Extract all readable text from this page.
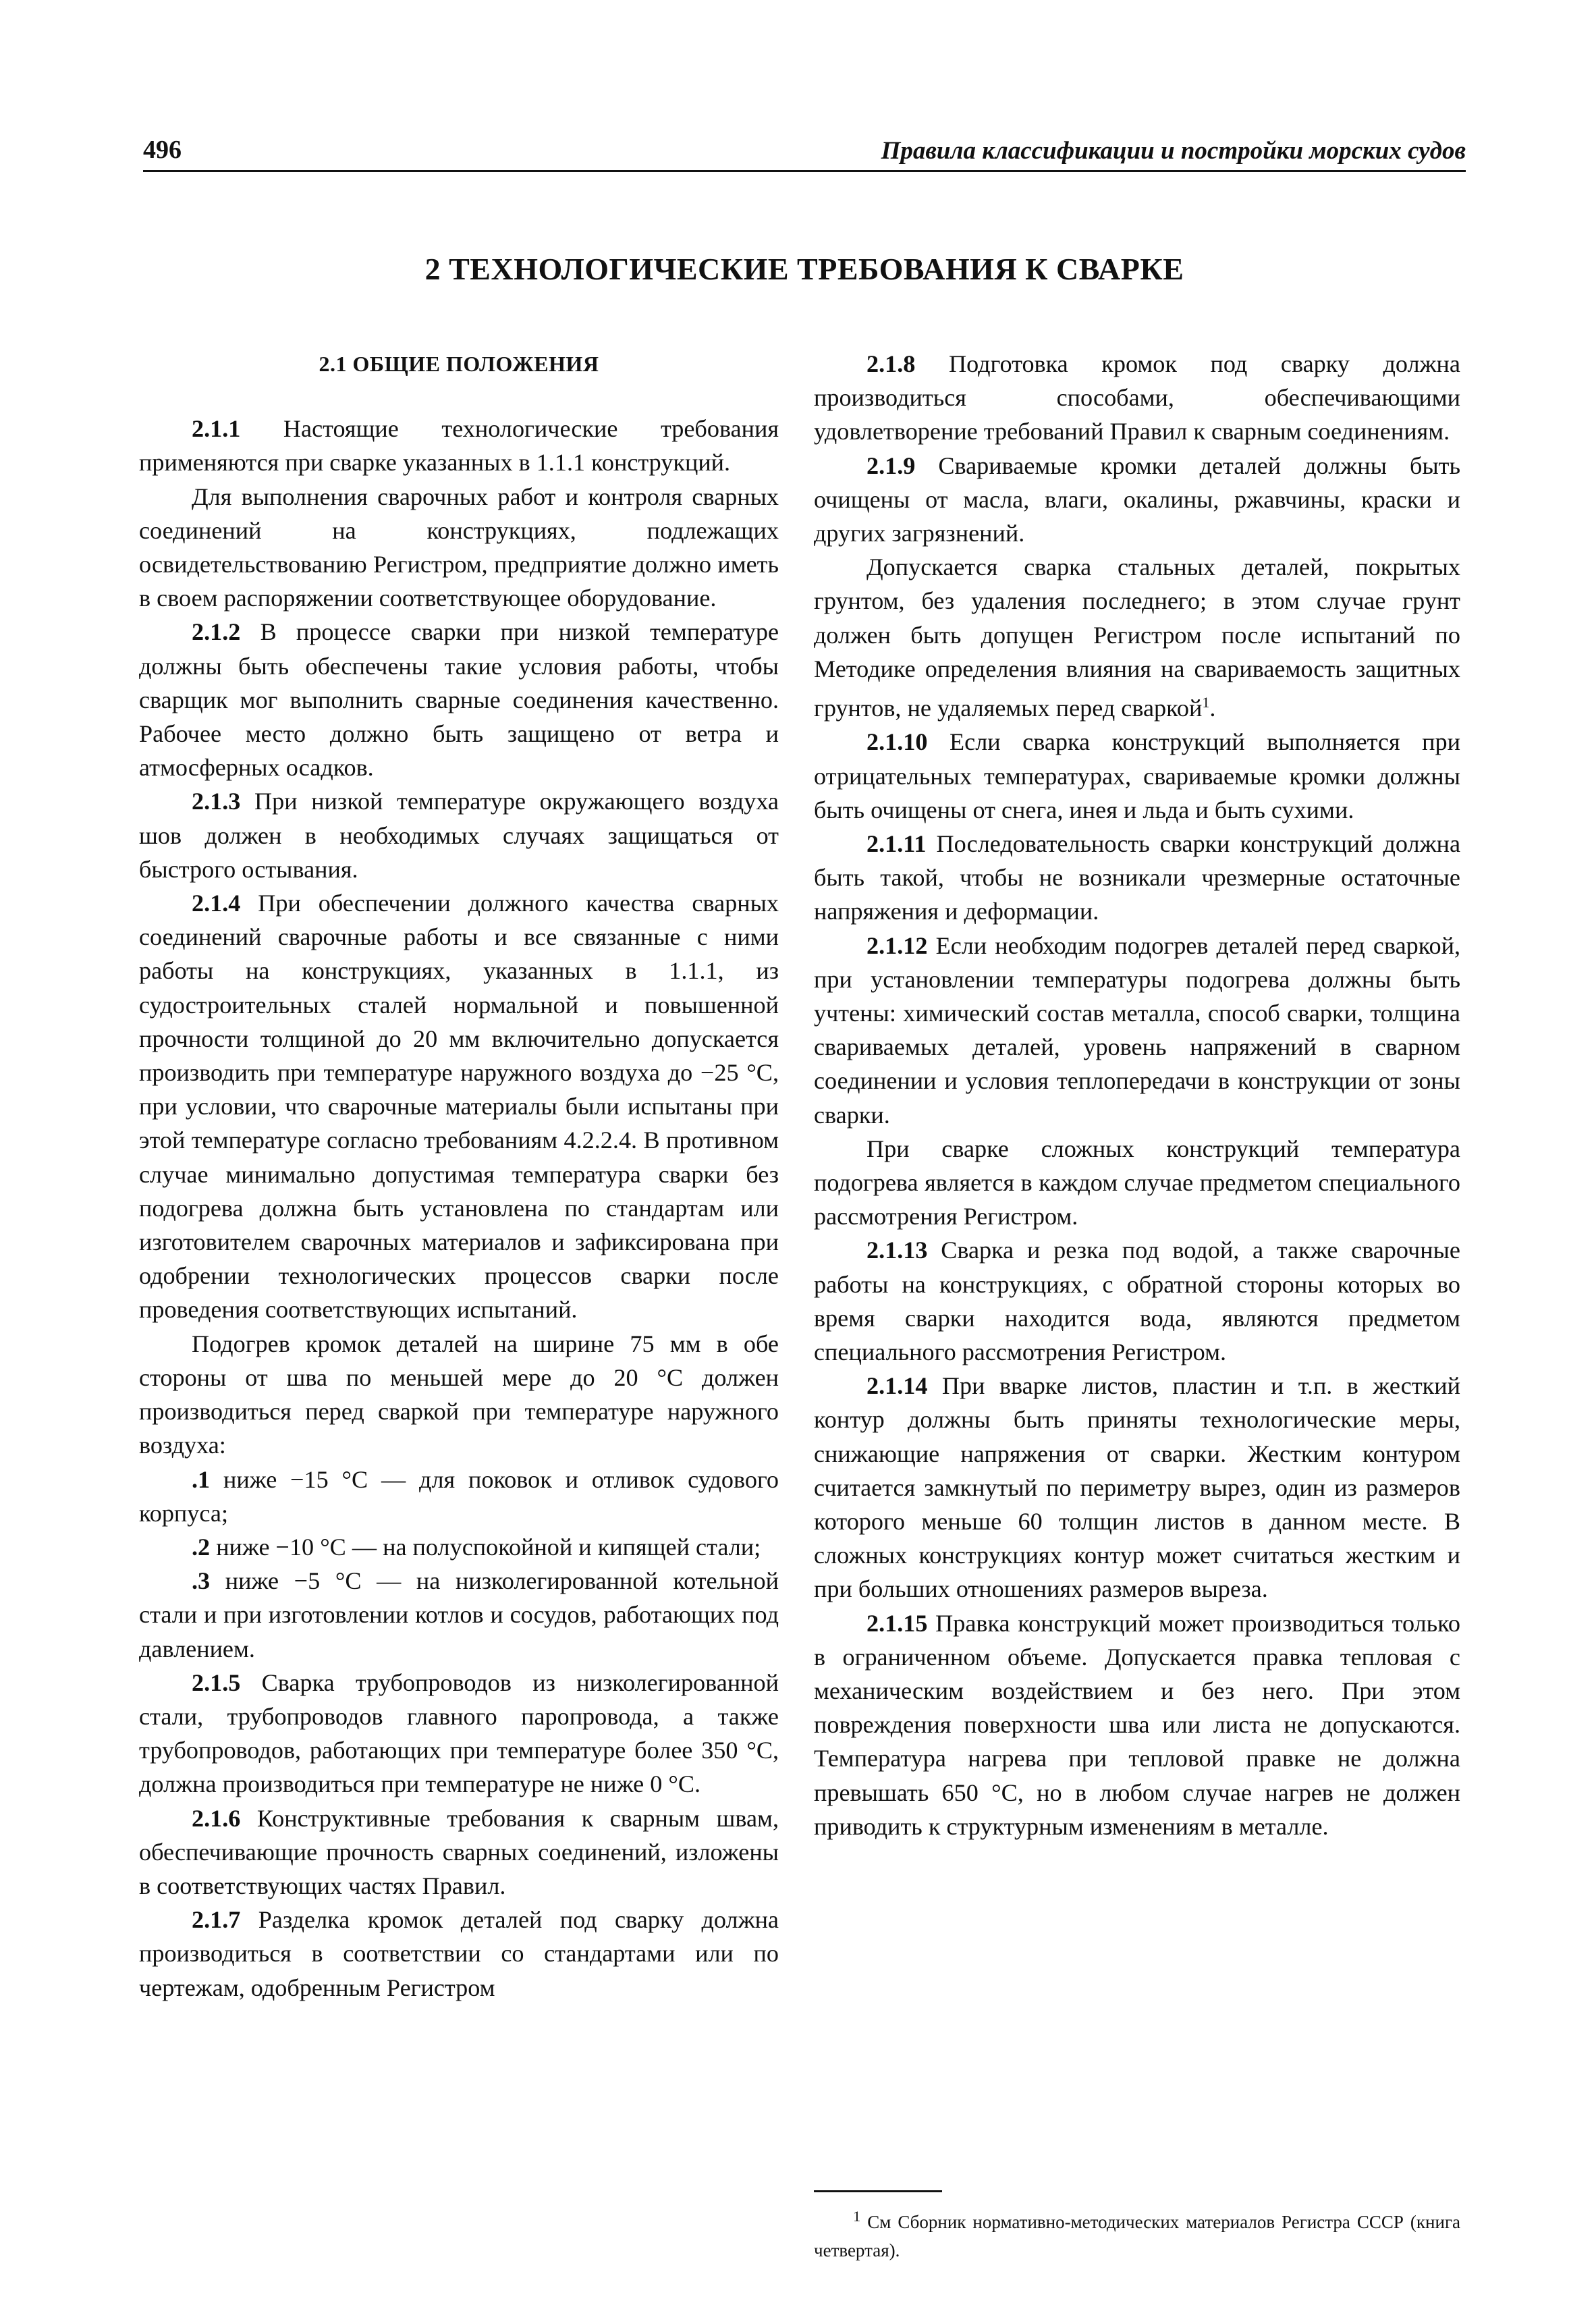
496	Правила классификации и постройки морских судов
2 ТЕХНОЛОГИЧЕСКИЕ ТРЕБОВАНИЯ К СВАРКЕ
2.1 ОБЩИЕ ПОЛОЖЕНИЯ

2.1.1 Настоящие технологические требования применяются при сварке указанных в 1.1.1 конструкций.

Для выполнения сварочных работ и контроля сварных соединений на конструкциях, подлежащих освидетельствованию Регистром, предприятие должно иметь в своем распоряжении соответствующее оборудование.

2.1.2 В процессе сварки при низкой температуре должны быть обеспечены такие условия работы, чтобы сварщик мог выполнить сварные соединения качественно. Рабочее место должно быть защищено от ветра и атмосферных осадков.

2.1.3 При низкой температуре окружающего воздуха шов должен в необходимых случаях защищаться от быстрого остывания.

2.1.4 При обеспечении должного качества сварных соединений сварочные работы и все связанные с ними работы на конструкциях, указанных в 1.1.1, из судостроительных сталей нормальной и повышенной прочности толщиной до 20 мм включительно допускается производить при температуре наружного воздуха до −25 °С, при условии, что сварочные материалы были испытаны при этой температуре согласно требованиям 4.2.2.4. В противном случае минимально допустимая температура сварки без подогрева должна быть установлена по стандартам или изготовителем сварочных материалов и зафиксирована при одобрении технологических процессов сварки после проведения соответствующих испытаний.

Подогрев кромок деталей на ширине 75 мм в обе стороны от шва по меньшей мере до 20 °С должен производиться перед сваркой при температуре наружного воздуха:

.1 ниже −15 °С — для поковок и отливок судового корпуса;

.2 ниже −10 °С — на полуспокойной и кипящей стали;

.3 ниже −5 °С — на низколегированной котельной стали и при изготовлении котлов и сосудов, работающих под давлением.

2.1.5 Сварка трубопроводов из низколегированной стали, трубопроводов главного паропровода, а также трубопроводов, работающих при температуре более 350 °С, должна производиться при температуре не ниже 0 °С.

2.1.6 Конструктивные требования к сварным швам, обеспечивающие прочность сварных соединений, изложены в соответствующих частях Правил.

2.1.7 Разделка кромок деталей под сварку должна производиться в соответствии со стандартами или по чертежам, одобренным Регистром

2.1.8 Подготовка кромок под сварку должна производиться способами, обеспечивающими удовлетворение требований Правил к сварным соединениям.

2.1.9 Свариваемые кромки деталей должны быть очищены от масла, влаги, окалины, ржавчины, краски и других загрязнений.

Допускается сварка стальных деталей, покрытых грунтом, без удаления последнего; в этом случае грунт должен быть допущен Регистром после испытаний по Методике определения влияния на свариваемость защитных грунтов, не удаляемых перед сваркой$^1$.

2.1.10 Если сварка конструкций выполняется при отрицательных температурах, свариваемые кромки должны быть очищены от снега, инея и льда и быть сухими.

2.1.11 Последовательность сварки конструкций должна быть такой, чтобы не возникали чрезмерные остаточные напряжения и деформации.

2.1.12 Если необходим подогрев деталей перед сваркой, при установлении температуры подогрева должны быть учтены: химический состав металла, способ сварки, толщина свариваемых деталей, уровень напряжений в сварном соединении и условия теплопередачи в конструкции от зоны сварки.

При сварке сложных конструкций температура подогрева является в каждом случае предметом специального рассмотрения Регистром.

2.1.13 Сварка и резка под водой, а также сварочные работы на конструкциях, с обратной стороны которых во время сварки находится вода, являются предметом специального рассмотрения Регистром.

2.1.14 При вварке листов, пластин и т.п. в жесткий контур должны быть приняты технологические меры, снижающие напряжения от сварки. Жестким контуром считается замкнутый по периметру вырез, один из размеров которого меньше 60 толщин листов в данном месте. В сложных конструкциях контур может считаться жестким и при больших отношениях размеров выреза.

2.1.15 Правка конструкций может производиться только в ограниченном объеме. Допускается правка тепловая с механическим воздействием и без него. При этом повреждения поверхности шва или листа не допускаются. Температура нагрева при тепловой правке не должна превышать 650 °С, но в любом случае нагрев не должен приводить к структурным изменениям в металле.

$^1$ См Сборник нормативно-методических материалов Регистра СССР (книга четвертая).
